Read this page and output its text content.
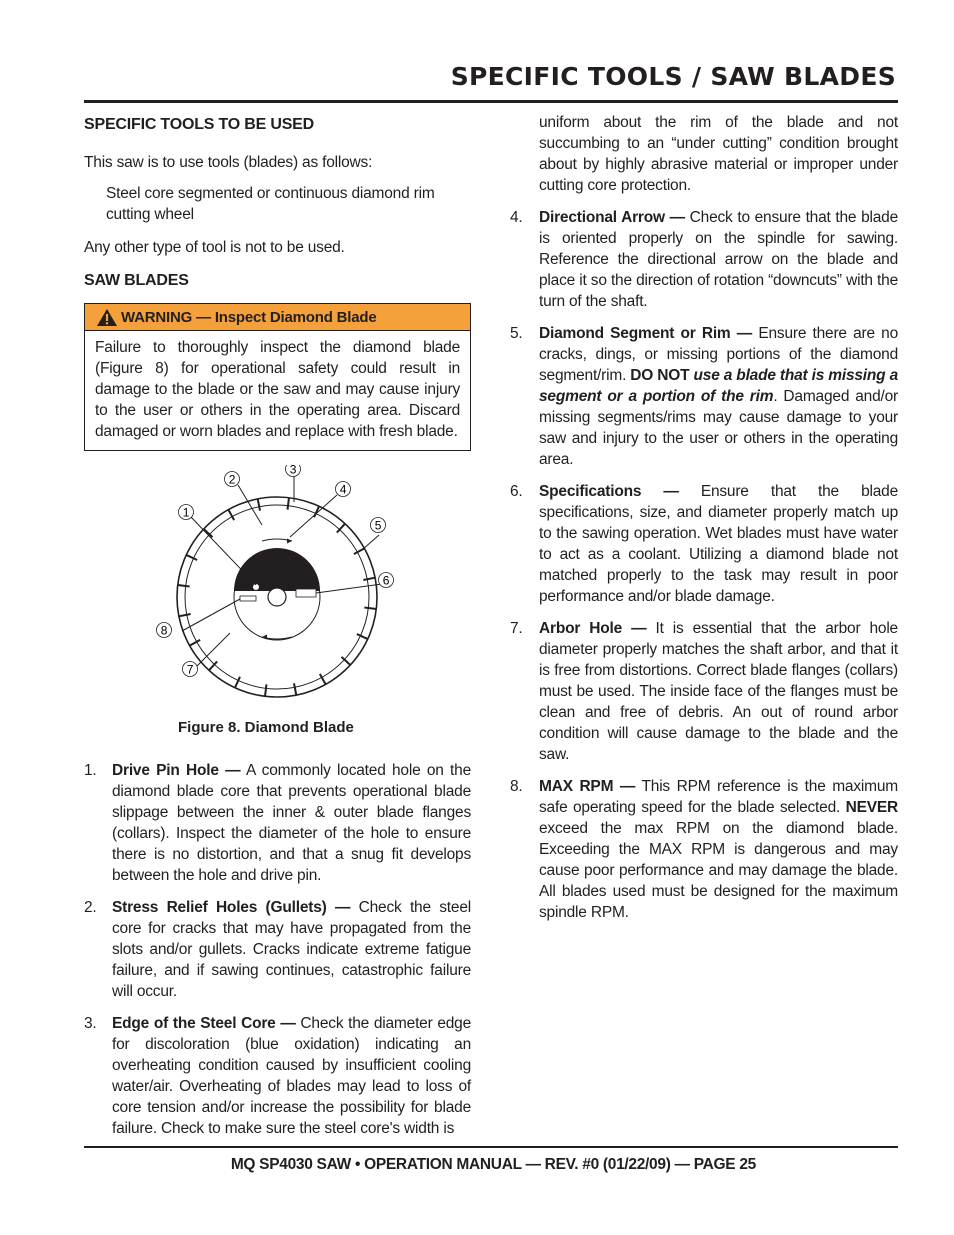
SPECIFIC TOOLS / SAW BLADES

SPECIFIC TOOLS TO BE USED

This saw is to use tools (blades) as follows:

Steel core segmented or continuous diamond rim cutting wheel

Any other type of tool is not to be used.

SAW BLADES

WARNING — Inspect Diamond Blade

Failure to thoroughly inspect the diamond blade (Figure 8) for operational safety could result in damage to the blade or the saw and may cause injury to the user or others in the operating area. Discard damaged or worn blades and replace with fresh blade.

1
2
3
4
5
6
7
8
Figure 8. Diamond Blade
1. Drive Pin Hole — A commonly located hole on the diamond blade core that prevents operational blade slippage between the inner & outer blade flanges (collars). Inspect the diameter of the hole to ensure there is no distortion, and that a snug fit develops between the hole and drive pin.
2. Stress Relief Holes (Gullets) — Check the steel core for cracks that may have propagated from the slots and/or gullets. Cracks indicate extreme fatigue failure, and if sawing continues, catastrophic failure will occur.
3. Edge of the Steel Core — Check the diameter edge for discoloration (blue oxidation) indicating an overheating condition caused by insufficient cooling water/air. Overheating of blades may lead to loss of core tension and/or increase the possibility for blade failure. Check to make sure the steel core's width is
uniform about the rim of the blade and not succumbing to an “under cutting” condition brought about by highly abrasive material or improper under cutting core protection.
4. Directional Arrow — Check to ensure that the blade is oriented properly on the spindle for sawing. Reference the directional arrow on the blade and place it so the direction of rotation “downcuts” with the turn of the shaft.
5. Diamond Segment or Rim — Ensure there are no cracks, dings, or missing portions of the diamond segment/rim. DO NOT use a blade that is missing a segment or a portion of the rim. Damaged and/or missing segments/rims may cause damage to your saw and injury to the user or others in the operating area.
6. Specifications — Ensure that the blade specifications, size, and diameter properly match up to the sawing operation. Wet blades must have water to act as a coolant. Utilizing a diamond blade not matched properly to the task may result in poor performance and/or blade damage.
7. Arbor Hole — It is essential that the arbor hole diameter properly matches the shaft arbor, and that it is free from distortions. Correct blade flanges (collars) must be used. The inside face of the flanges must be clean and free of debris. An out of round arbor condition will cause damage to the blade and the saw.
8. MAX RPM — This RPM reference is the maximum safe operating speed for the blade selected. NEVER exceed the max RPM on the diamond blade. Exceeding the MAX RPM is dangerous and may cause poor performance and may damage the blade. All blades used must be designed for the maximum spindle RPM.
MQ SP4030 SAW • OPERATION MANUAL — REV. #0 (01/22/09) — PAGE 25
